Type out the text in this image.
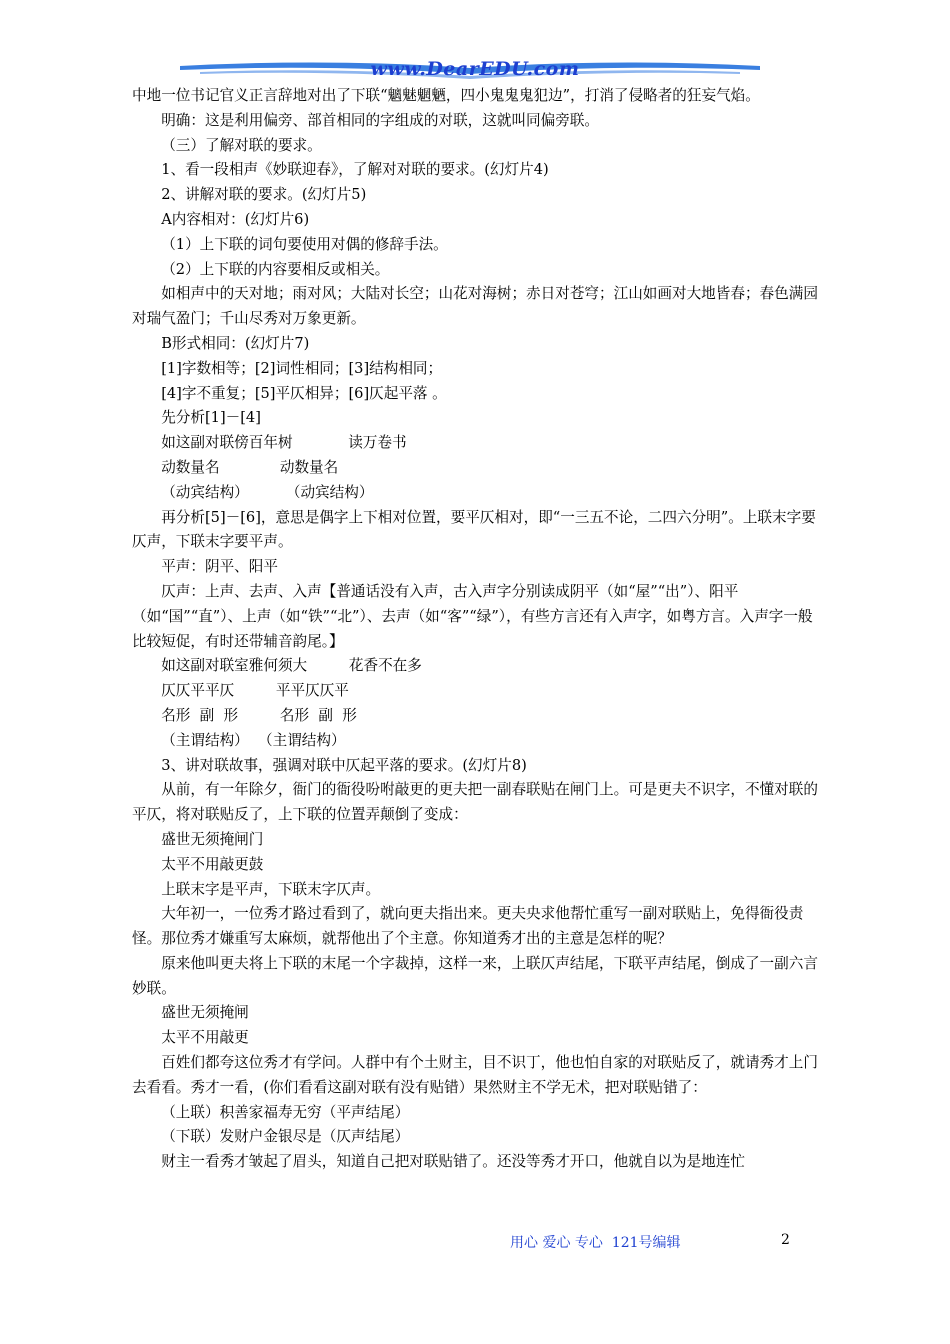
www.DearEDU.com

中地一位书记官义正言辞地对出了下联“魑魅魍魉，四小鬼鬼鬼犯边”，打消了侵略者的狂妄气焰。

明确：这是利用偏旁、部首相同的字组成的对联，这就叫同偏旁联。

（三）了解对联的要求。

1、看一段相声《妙联迎春》，了解对对联的要求。(幻灯片4)

2、讲解对联的要求。(幻灯片5)

A内容相对：(幻灯片6)

（1）上下联的词句要使用对偶的修辞手法。

（2）上下联的内容要相反或相关。

如相声中的天对地；雨对风；大陆对长空；山花对海树；赤日对苍穹；江山如画对大地皆春；春色满园对瑞气盈门；千山尽秀对万象更新。

B形式相同：(幻灯片7)

[1]字数相等；[2]词性相同；[3]结构相同；

[4]字不重复；[5]平仄相异；[6]仄起平落 。

先分析[1]－[4]

如这副对联傍百年树            读万卷书

动数量名             动数量名

（动宾结构）        （动宾结构）

再分析[5]－[6]，意思是偶字上下相对位置，要平仄相对，即“一三五不论，二四六分明”。上联末字要仄声，下联末字要平声。

平声：阴平、阳平

仄声：上声、去声、入声【普通话没有入声，古入声字分别读成阴平（如“屋”“出”）、阳平（如“国”“直”）、上声（如“铁”“北”）、去声（如“客”“绿”），有些方言还有入声字，如粤方言。入声字一般比较短促，有时还带辅音韵尾。】

如这副对联室雅何须大         花香不在多

仄仄平平仄         平平仄仄平

名形  副  形         名形  副  形

（主谓结构）  （主谓结构）

3、讲对联故事，强调对联中仄起平落的要求。(幻灯片8)

从前，有一年除夕，衙门的衙役吩咐敲更的更夫把一副春联贴在闸门上。可是更夫不识字，不懂对联的平仄，将对联贴反了，上下联的位置弄颠倒了变成：

盛世无须掩闸门

太平不用敲更鼓

上联末字是平声，下联末字仄声。

大年初一，一位秀才路过看到了，就向更夫指出来。更夫央求他帮忙重写一副对联贴上，免得衙役责怪。那位秀才嫌重写太麻烦，就帮他出了个主意。你知道秀才出的主意是怎样的呢？

原来他叫更夫将上下联的末尾一个字裁掉，这样一来，上联仄声结尾，下联平声结尾，倒成了一副六言妙联。

盛世无须掩闸

太平不用敲更

百姓们都夸这位秀才有学问。人群中有个土财主，目不识丁，他也怕自家的对联贴反了，就请秀才上门去看看。秀才一看，(你们看看这副对联有没有贴错）果然财主不学无术，把对联贴错了：

（上联）积善家福寿无穷（平声结尾）

（下联）发财户金银尽是（仄声结尾）

财主一看秀才皱起了眉头，知道自己把对联贴错了。还没等秀才开口，他就自以为是地连忙

用心 爱心 专心  121号编辑	2
